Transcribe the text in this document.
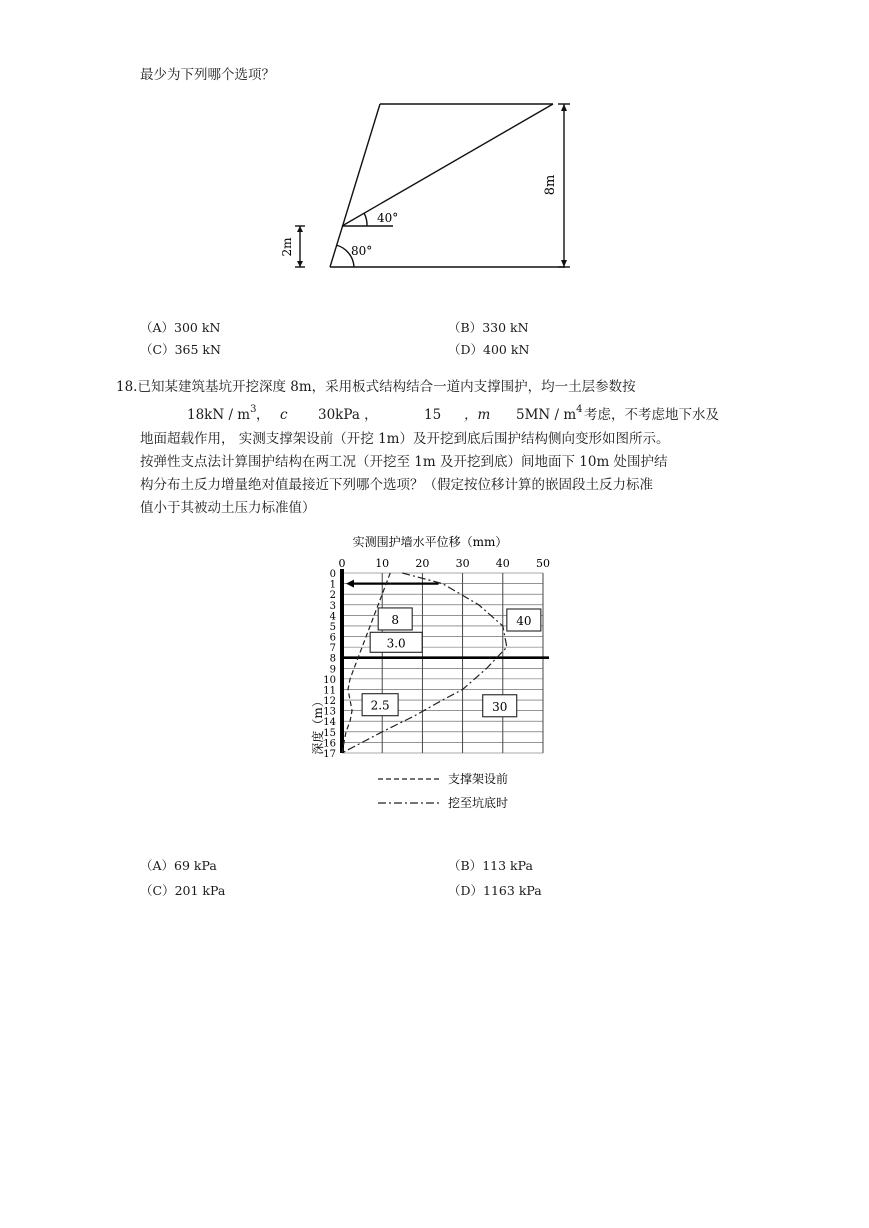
最少为下列哪个选项？
40°
80°
8m
2m
（A）300 kN	（B）330 kN
（C）365 kN	（D）400 kN
18.已知某建筑基坑开挖深度 8m，采用板式结构结合一道内支撑围护，均一土层参数按
$18kN / m^3$ ， c 30kPa ，	15 ，m $5MN / m^4$ 考虑，不考虑地下水及
地面超载作用， 实测支撑架设前（开挖 1m）及开挖到底后围护结构侧向变形如图所示。
按弹性支点法计算围护结构在两工况（开挖至 1m 及开挖到底）间地面下 10m 处围护结
构分布土反力增量绝对值最接近下列哪个选项？（假定按位移计算的嵌固段土反力标准
值小于其被动土压力标准值）
实测围护墙水平位移（mm）
0	10 20 30 40 50
0
1
2
3
4
5
6
7
8
9
10
11
12
13
14
15
16
17
8
3.0
40
2.5	30
深度（m）
支撑架设前
挖至坑底时
（A）69 kPa	（B）113 kPa
（C）201 kPa	（D）1163 kPa
